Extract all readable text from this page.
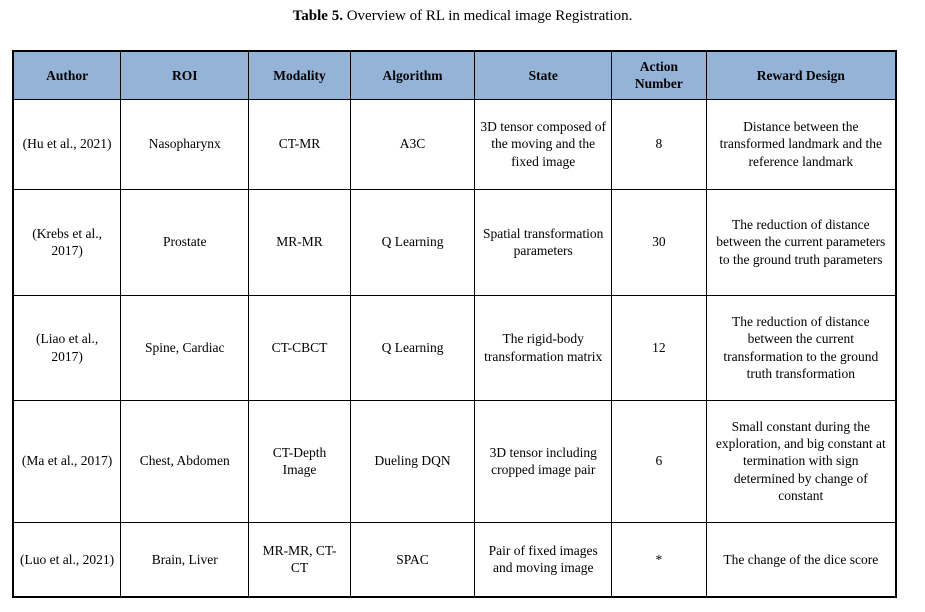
Table 5. Overview of RL in medical image Registration.
Author	ROI	Modality	Algorithm	State	Action Number	Reward Design
(Hu et al., 2021)	Nasopharynx	CT-MR	A3C	3D tensor composed of the moving and the fixed image	8	Distance between the transformed landmark and the reference landmark
(Krebs et al., 2017)	Prostate	MR-MR	Q Learning	Spatial transformation parameters	30	The reduction of distance between the current parameters to the ground truth parameters
(Liao et al., 2017)	Spine, Cardiac	CT-CBCT	Q Learning	The rigid-body transformation matrix	12	The reduction of distance between the current transformation to the ground truth transformation
(Ma et al., 2017)	Chest, Abdomen	CT-Depth Image	Dueling DQN	3D tensor including cropped image pair	6	Small constant during the exploration, and big constant at termination with sign determined by change of constant
(Luo et al., 2021)	Brain, Liver	MR-MR, CT-CT	SPAC	Pair of fixed images and moving image	*	The change of the dice score
